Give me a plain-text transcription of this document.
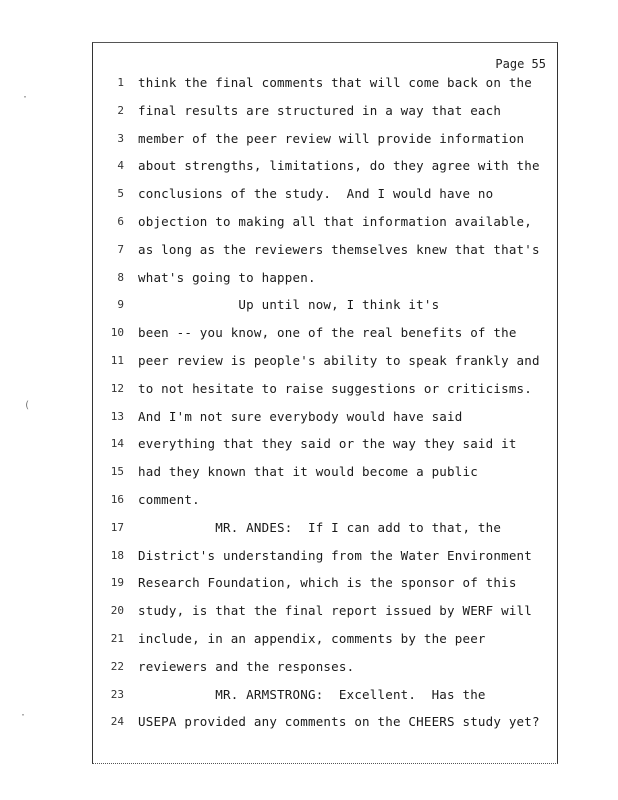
Page 55
·
(
·
1 think the final comments that will come back on the
2 final results are structured in a way that each
3 member of the peer review will provide information
4 about strengths, limitations, do they agree with the
5 conclusions of the study.  And I would have no
6 objection to making all that information available,
7 as long as the reviewers themselves knew that that's
8 what's going to happen.
9 Up until now, I think it's
10 been -- you know, one of the real benefits of the
11 peer review is people's ability to speak frankly and
12 to not hesitate to raise suggestions or criticisms.
13 And I'm not sure everybody would have said
14 everything that they said or the way they said it
15 had they known that it would become a public
16 comment.
17 MR. ANDES:  If I can add to that, the
18 District's understanding from the Water Environment
19 Research Foundation, which is the sponsor of this
20 study, is that the final report issued by WERF will
21 include, in an appendix, comments by the peer
22 reviewers and the responses.
23 MR. ARMSTRONG:  Excellent.  Has the
24 USEPA provided any comments on the CHEERS study yet?
